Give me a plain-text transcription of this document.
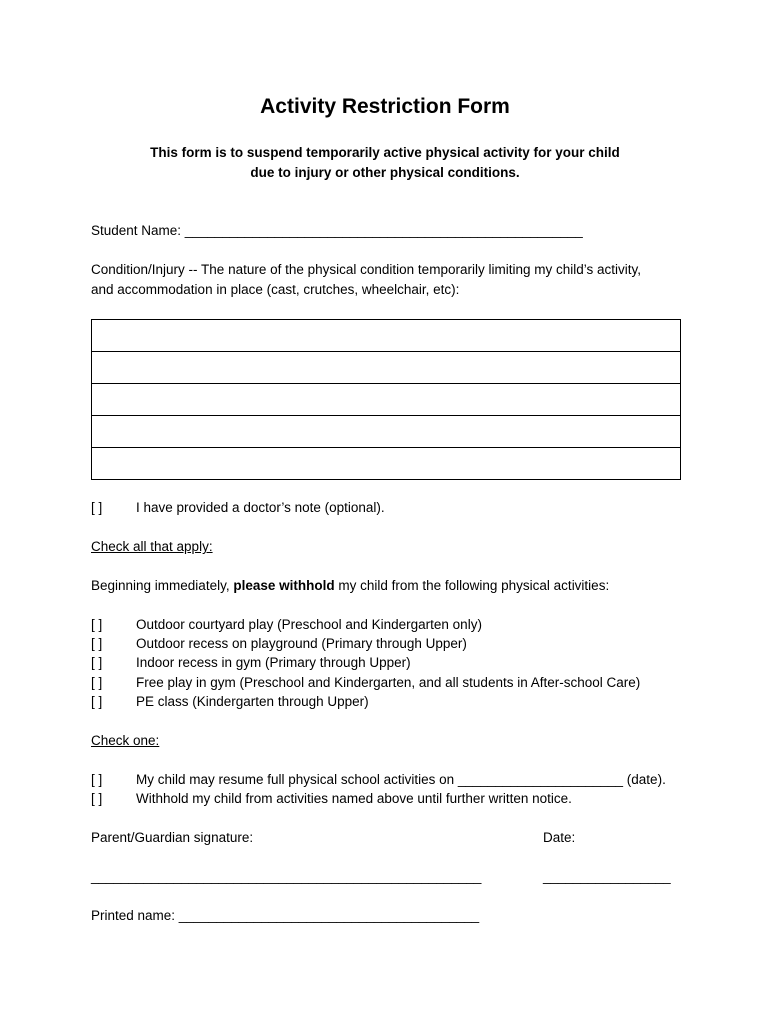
Activity Restriction Form
This form is to suspend temporarily active physical activity for your child
due to injury or other physical conditions.
Student Name: _____________________________________________________
Condition/Injury -- The nature of the physical condition temporarily limiting my child’s activity,
and accommodation in place (cast, crutches, wheelchair, etc):
[ ] I have provided a doctor’s note (optional).
Check all that apply:
Beginning immediately, please withhold my child from the following physical activities:
[ ] Outdoor courtyard play (Preschool and Kindergarten only)
[ ] Outdoor recess on playground (Primary through Upper)
[ ] Indoor recess in gym (Primary through Upper)
[ ] Free play in gym (Preschool and Kindergarten, and all students in After-school Care)
[ ] PE class (Kindergarten through Upper)
Check one:
[ ] My child may resume full physical school activities on ______________________ (date).
[ ] Withhold my child from activities named above until further written notice.
Parent/Guardian signature:	Date:
____________________________________________________	_________________
Printed name: ________________________________________
